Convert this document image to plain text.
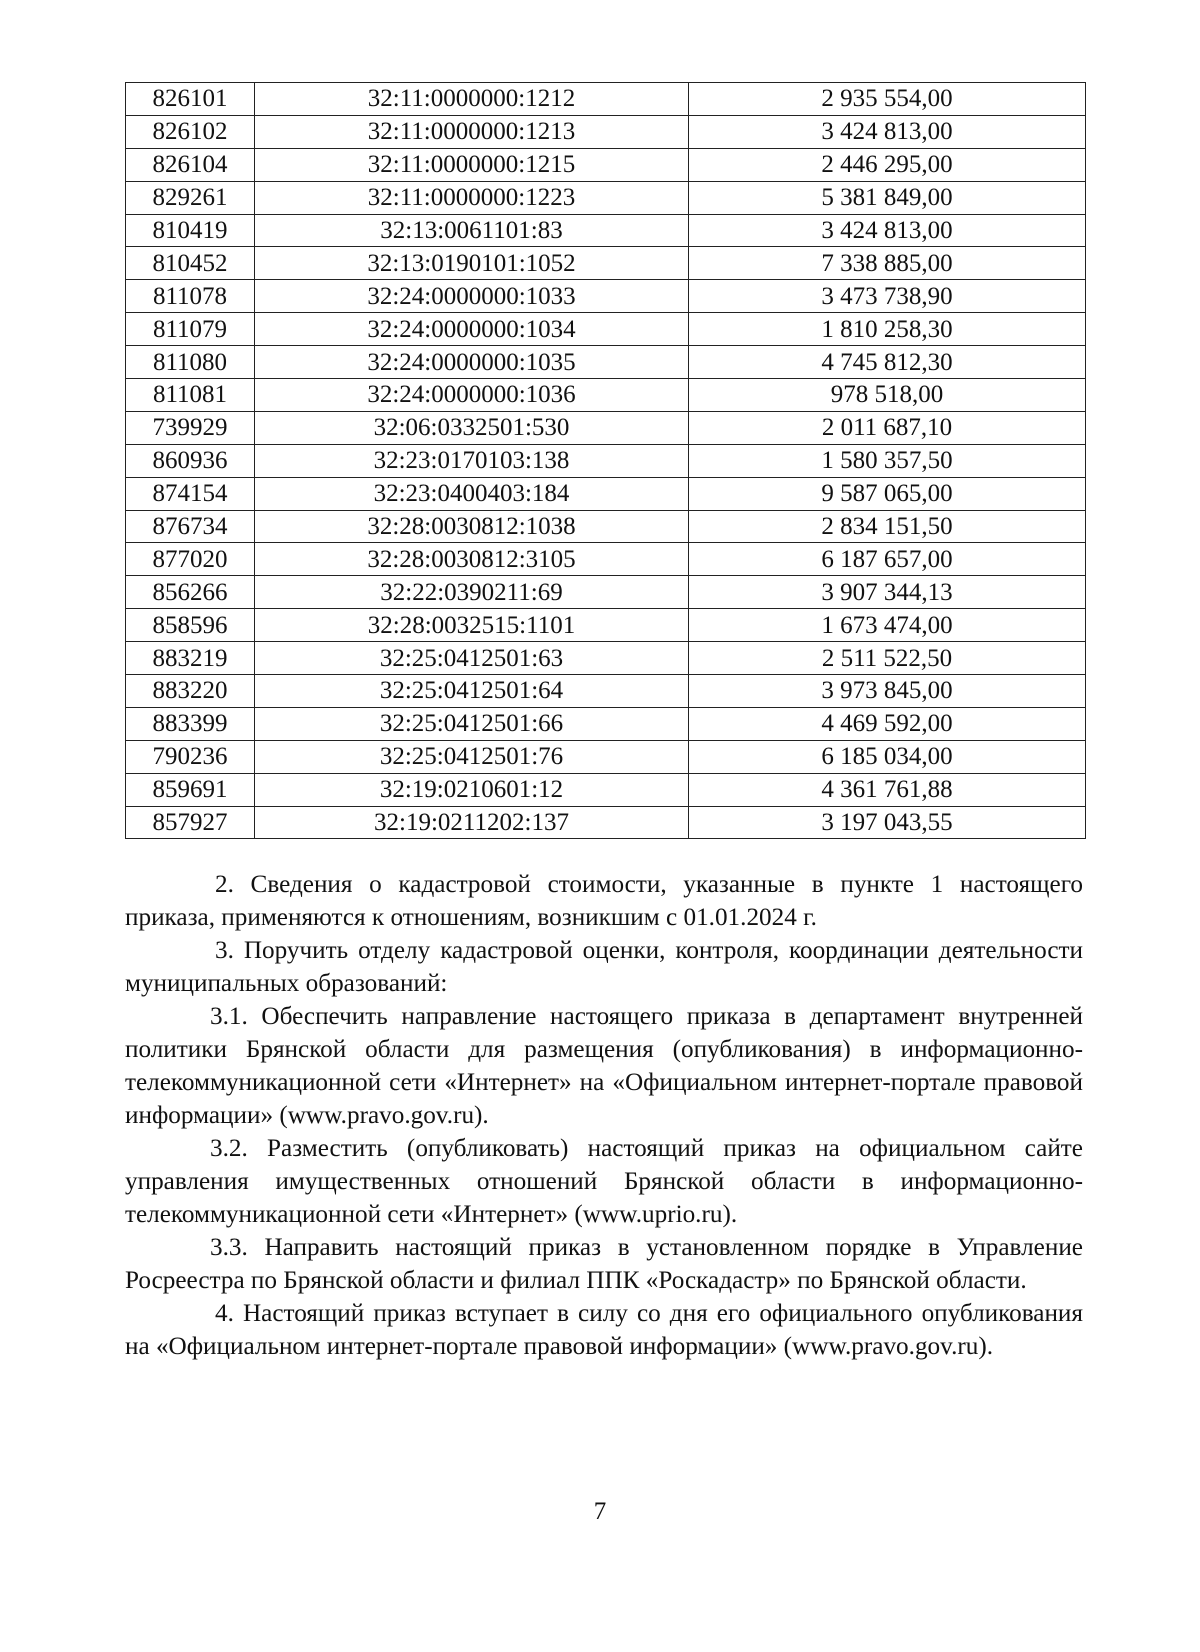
826101	32:11:0000000:1212	2 935 554,00
826102	32:11:0000000:1213	3 424 813,00
826104	32:11:0000000:1215	2 446 295,00
829261	32:11:0000000:1223	5 381 849,00
810419	32:13:0061101:83	3 424 813,00
810452	32:13:0190101:1052	7 338 885,00
811078	32:24:0000000:1033	3 473 738,90
811079	32:24:0000000:1034	1 810 258,30
811080	32:24:0000000:1035	4 745 812,30
811081	32:24:0000000:1036	978 518,00
739929	32:06:0332501:530	2 011 687,10
860936	32:23:0170103:138	1 580 357,50
874154	32:23:0400403:184	9 587 065,00
876734	32:28:0030812:1038	2 834 151,50
877020	32:28:0030812:3105	6 187 657,00
856266	32:22:0390211:69	3 907 344,13
858596	32:28:0032515:1101	1 673 474,00
883219	32:25:0412501:63	2 511 522,50
883220	32:25:0412501:64	3 973 845,00
883399	32:25:0412501:66	4 469 592,00
790236	32:25:0412501:76	6 185 034,00
859691	32:19:0210601:12	4 361 761,88
857927	32:19:0211202:137	3 197 043,55

2. Сведения о кадастровой стоимости, указанные в пункте 1 настоящего приказа, применяются к отношениям, возникшим с 01.01.2024 г.

3. Поручить отделу кадастровой оценки, контроля, координации деятельности муниципальных образований:

3.1. Обеспечить направление настоящего приказа в департамент внутренней политики Брянской области для размещения (опубликования) в информационно-телекоммуникационной сети «Интернет» на «Официальном интернет-портале правовой информации» (www.pravo.gov.ru).

3.2. Разместить (опубликовать) настоящий приказ на официальном сайте управления имущественных отношений Брянской области в информационно-телекоммуникационной сети «Интернет» (www.uprio.ru).

3.3. Направить настоящий приказ в установленном порядке в Управление Росреестра по Брянской области и филиал ППК «Роскадастр» по Брянской области.

4. Настоящий приказ вступает в силу со дня его официального опубликования на «Официальном интернет-портале правовой информации» (www.pravo.gov.ru).

7
